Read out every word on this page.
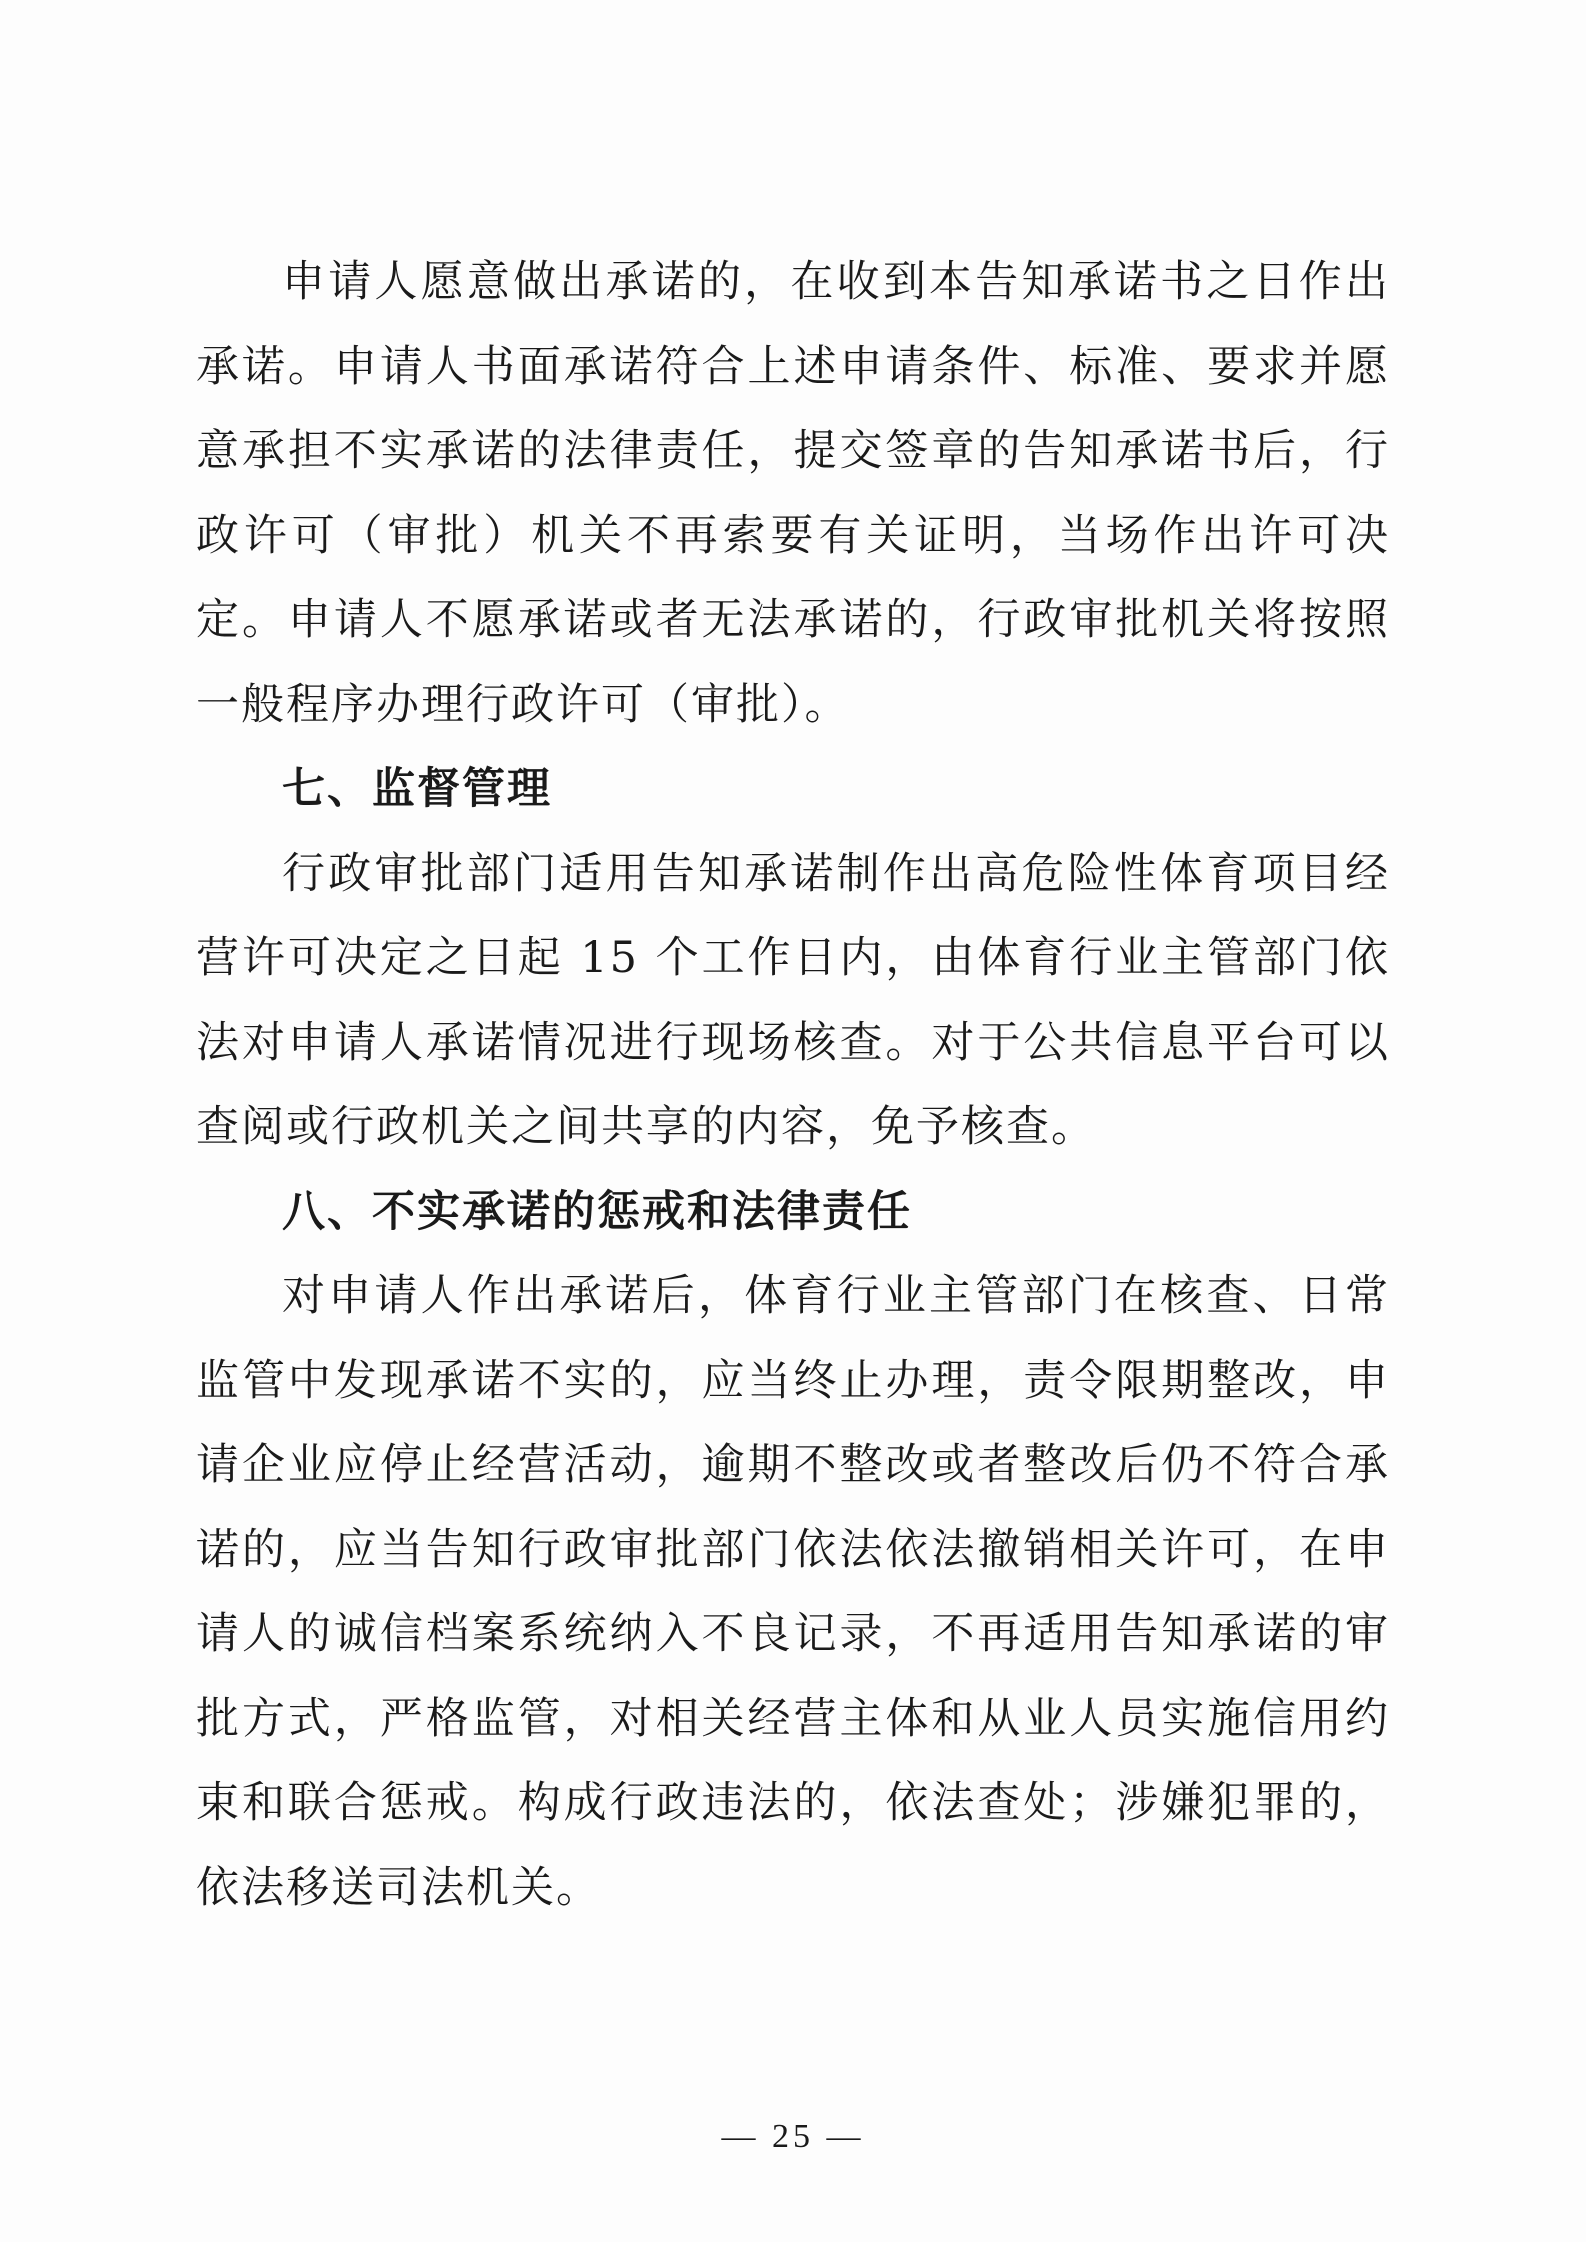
申请人愿意做出承诺的，在收到本告知承诺书之日作出承诺。申请人书面承诺符合上述申请条件、标准、要求并愿意承担不实承诺的法律责任，提交签章的告知承诺书后，行政许可（审批）机关不再索要有关证明，当场作出许可决定。申请人不愿承诺或者无法承诺的，行政审批机关将按照一般程序办理行政许可（审批）。

七、监督管理

行政审批部门适用告知承诺制作出高危险性体育项目经营许可决定之日起 15 个工作日内，由体育行业主管部门依法对申请人承诺情况进行现场核查。对于公共信息平台可以查阅或行政机关之间共享的内容，免予核查。

八、不实承诺的惩戒和法律责任

对申请人作出承诺后，体育行业主管部门在核查、日常监管中发现承诺不实的，应当终止办理，责令限期整改，申请企业应停止经营活动，逾期不整改或者整改后仍不符合承诺的，应当告知行政审批部门依法依法撤销相关许可，在申请人的诚信档案系统纳入不良记录，不再适用告知承诺的审批方式，严格监管，对相关经营主体和从业人员实施信用约束和联合惩戒。构成行政违法的，依法查处；涉嫌犯罪的，依法移送司法机关。

— 25 —
